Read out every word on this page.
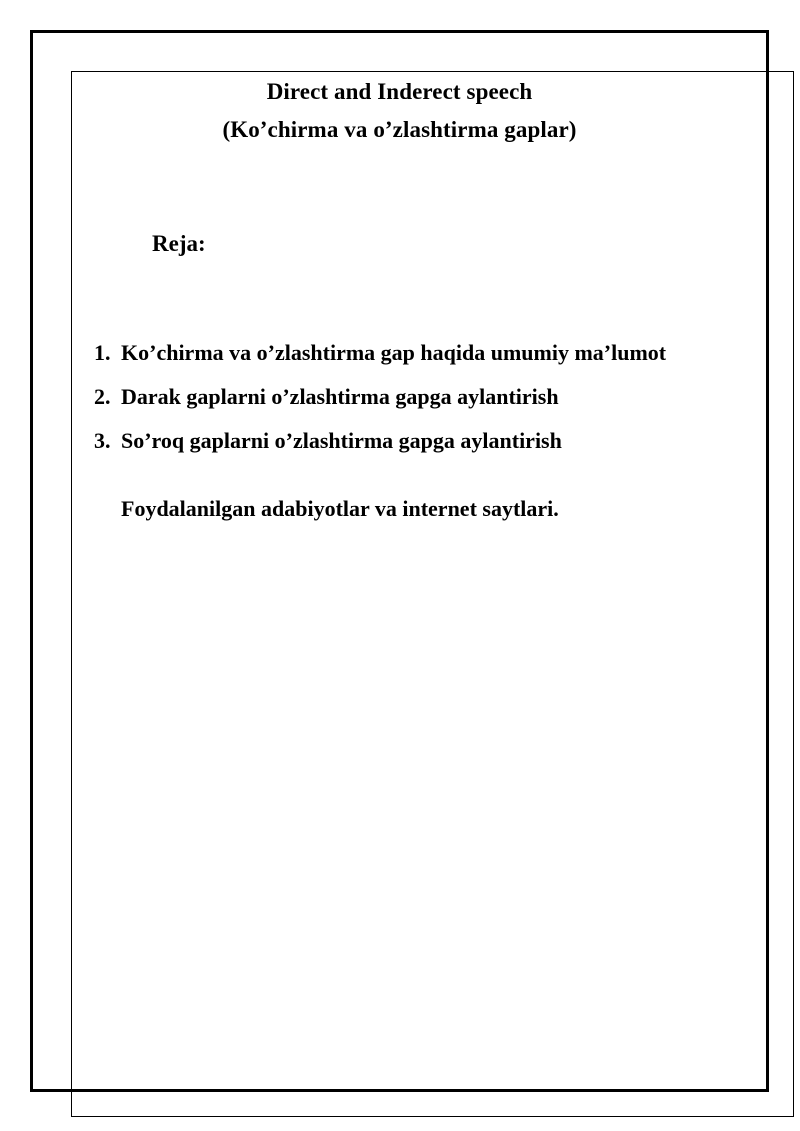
Direct and Inderect speech
(Ko’chirma va o’zlashtirma gaplar)
Reja:
1. Ko’chirma va o’zlashtirma gap haqida umumiy ma’lumot
2. Darak gaplarni o’zlashtirma gapga aylantirish
3. So’roq gaplarni o’zlashtirma gapga aylantirish
Foydalanilgan adabiyotlar va internet saytlari.
